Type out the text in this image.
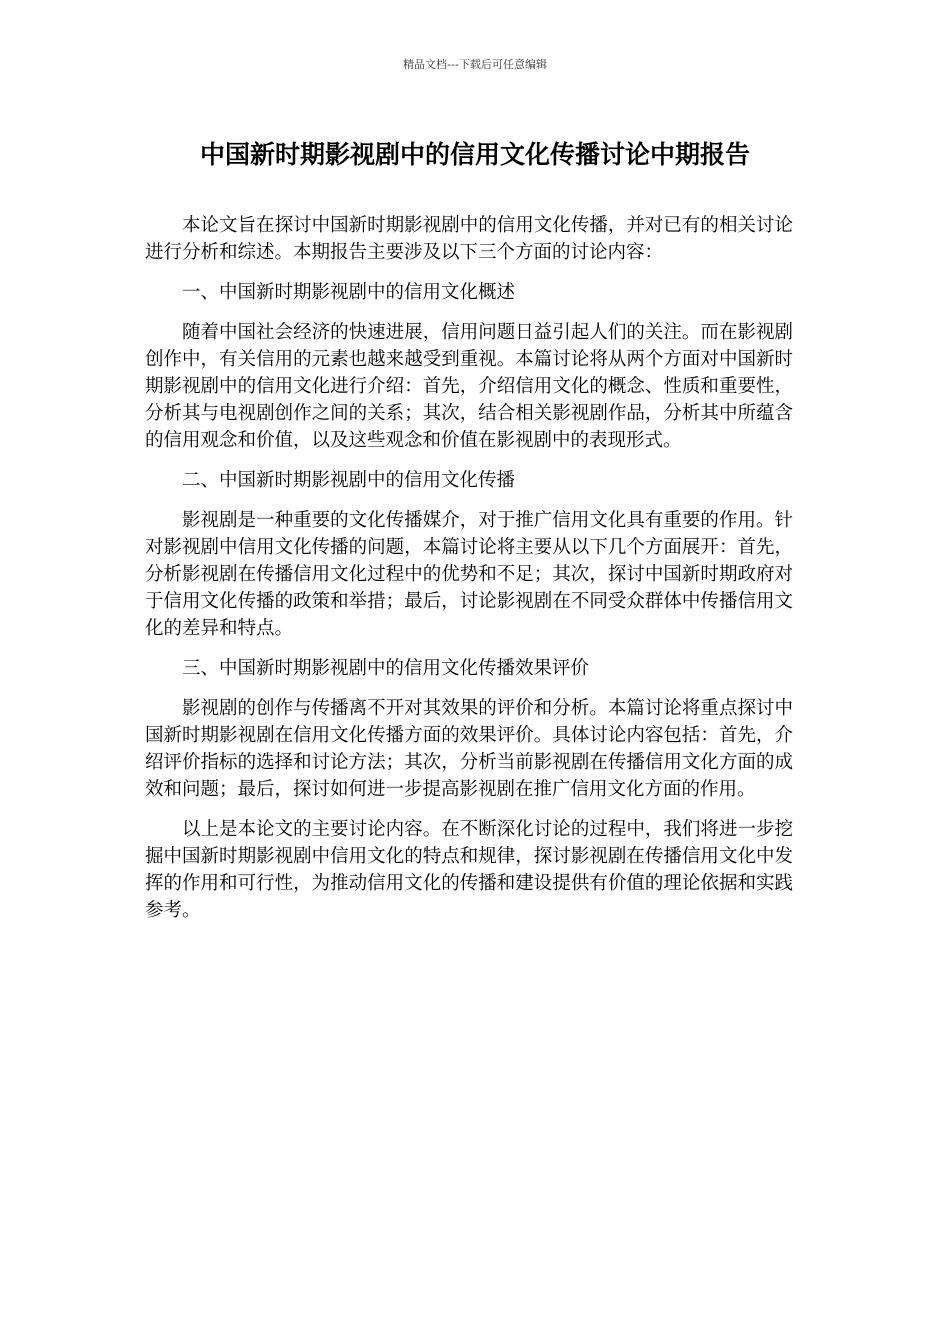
精品文档---下载后可任意编辑
中国新时期影视剧中的信用文化传播讨论中期报告

本论文旨在探讨中国新时期影视剧中的信用文化传播，并对已有的相关讨论进行分析和综述。本期报告主要涉及以下三个方面的讨论内容：

一、中国新时期影视剧中的信用文化概述

随着中国社会经济的快速进展，信用问题日益引起人们的关注。而在影视剧创作中，有关信用的元素也越来越受到重视。本篇讨论将从两个方面对中国新时期影视剧中的信用文化进行介绍：首先，介绍信用文化的概念、性质和重要性，分析其与电视剧创作之间的关系；其次，结合相关影视剧作品，分析其中所蕴含的信用观念和价值，以及这些观念和价值在影视剧中的表现形式。

二、中国新时期影视剧中的信用文化传播

影视剧是一种重要的文化传播媒介，对于推广信用文化具有重要的作用。针对影视剧中信用文化传播的问题，本篇讨论将主要从以下几个方面展开：首先，分析影视剧在传播信用文化过程中的优势和不足；其次，探讨中国新时期政府对于信用文化传播的政策和举措；最后，讨论影视剧在不同受众群体中传播信用文化的差异和特点。

三、中国新时期影视剧中的信用文化传播效果评价

影视剧的创作与传播离不开对其效果的评价和分析。本篇讨论将重点探讨中国新时期影视剧在信用文化传播方面的效果评价。具体讨论内容包括：首先，介绍评价指标的选择和讨论方法；其次，分析当前影视剧在传播信用文化方面的成效和问题；最后，探讨如何进一步提高影视剧在推广信用文化方面的作用。

以上是本论文的主要讨论内容。在不断深化讨论的过程中，我们将进一步挖掘中国新时期影视剧中信用文化的特点和规律，探讨影视剧在传播信用文化中发挥的作用和可行性，为推动信用文化的传播和建设提供有价值的理论依据和实践参考。
